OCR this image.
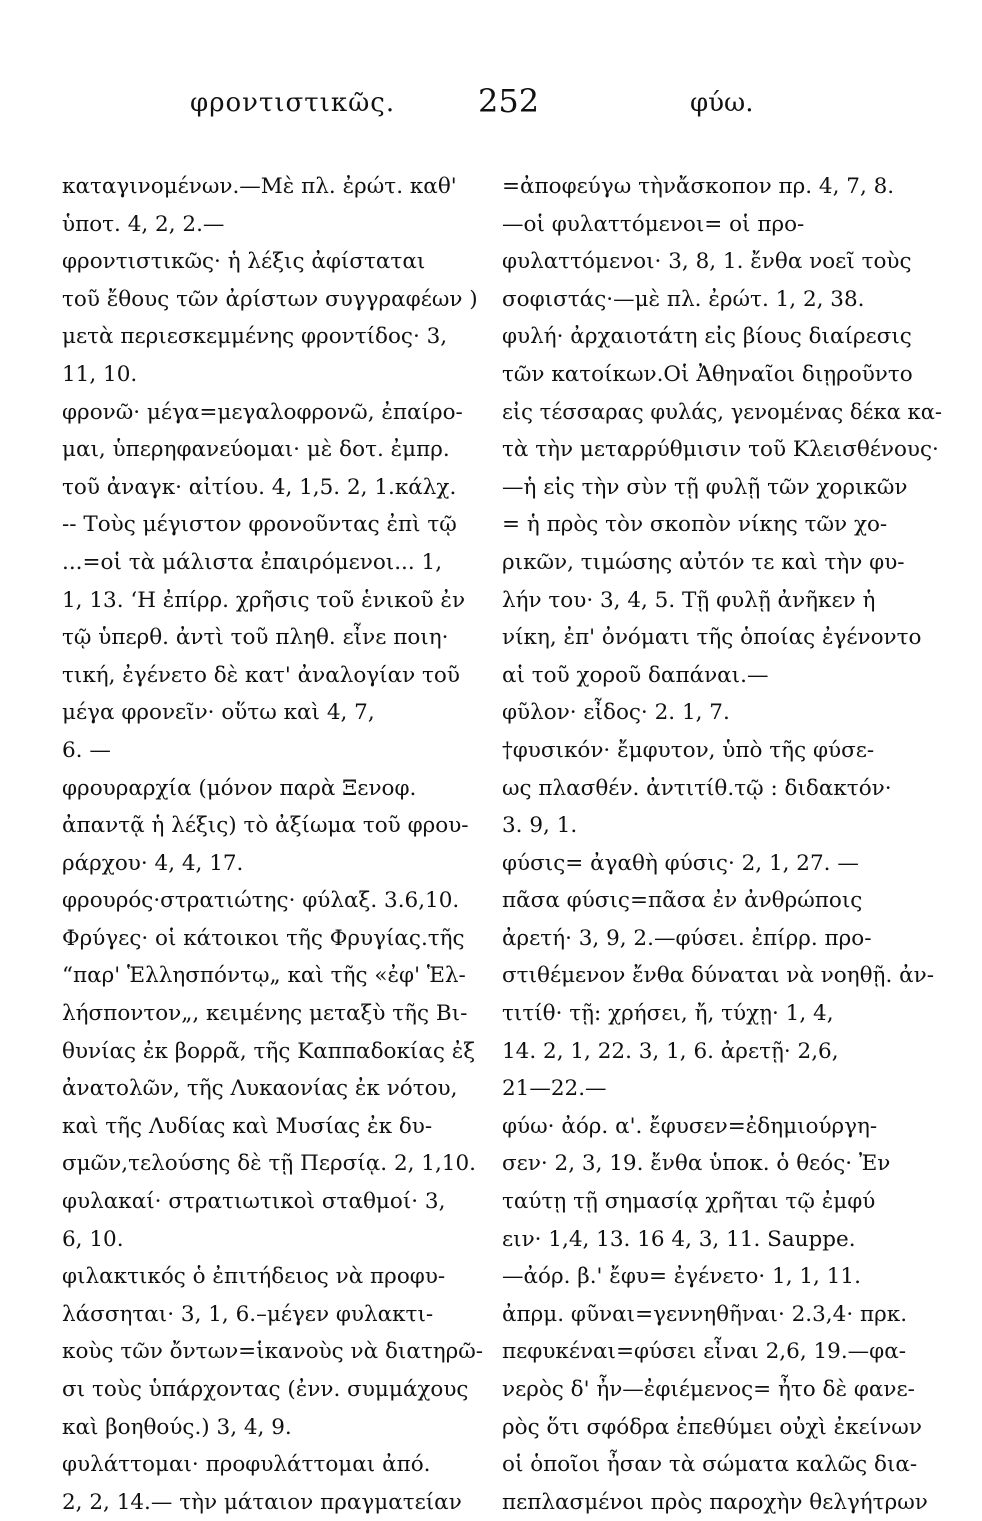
φροντιστικῶς.	252	φύω.
καταγινομένων.—Μὲ πλ. ἐρώτ. καθ'
ὑποτ. 4, 2, 2.—
φροντιστικῶς· ἡ λέξις ἀφίσταται
τοῦ ἔθους τῶν ἀρίστων συγγραφέων )
μετὰ περιεσκεμμένης φροντίδος· 3,
11, 10.
φρονῶ· μέγα=μεγαλοφρονῶ, ἐπαίρο-
μαι, ὑπερηφανεύομαι· μὲ δοτ. ἐμπρ.
τοῦ ἀναγκ· αἰτίου. 4, 1,5. 2, 1.κάλχ.
-- Τοὺς μέγιστον φρονοῦντας ἐπὶ τῷ
...=οἱ τὰ μάλιστα ἐπαιρόμενοι... 1,
1, 13. ʻΗ ἐπίρρ. χρῆσις τοῦ ἑνικοῦ ἐν
τῷ ὑπερθ. ἀντὶ τοῦ πληθ. εἶνε ποιη·
τική, ἐγένετο δὲ κατ' ἀναλογίαν τοῦ
μέγα φρονεῖν· οὕτω καὶ 4, 7,
6. —
φρουραρχία (μόνον παρὰ Ξενοφ.
ἀπαντᾷ ἡ λέξις) τὸ ἀξίωμα τοῦ φρου-
ράρχου· 4, 4, 17.
φρουρός·στρατιώτης· φύλαξ. 3.6,10.
Φρύγες· οἱ κάτοικοι τῆς Φρυγίας.τῆς
“παρ' Ἑλλησπόντῳ„ καὶ τῆς «ἐφ' Ἑλ-
λήσποντον„, κειμένης μεταξὺ τῆς Βι-
θυνίας ἐκ βορρᾶ, τῆς Καππαδοκίας ἐξ
ἀνατολῶν, τῆς Λυκαονίας ἐκ νότου,
καὶ τῆς Λυδίας καὶ Μυσίας ἐκ δυ-
σμῶν,τελούσης δὲ τῇ Περσίᾳ. 2, 1,10.
φυλακαί· στρατιωτικοὶ σταθμοί· 3,
6, 10.
φιλακτικός ὁ ἐπιτήδειος νὰ προφυ-
λάσσηται· 3, 1, 6.–μέγεν φυλακτι-
κοὺς τῶν ὄντων=ἱκανοὺς νὰ διατηρῶ-
σι τοὺς ὑπάρχοντας (ἐνν. συμμάχους
καὶ βοηθούς.) 3, 4, 9.
φυλάττομαι· προφυλάττομαι ἀπό.
2, 2, 14.— τὴν μάταιον πραγματείαν
=ἀποφεύγω τὴνἄσκοπον πρ. 4, 7, 8.
—οἱ φυλαττόμενοι= οἱ προ-
φυλαττόμενοι· 3, 8, 1. ἔνθα νοεῖ τοὺς
σοφιστάς·—μὲ πλ. ἐρώτ. 1, 2, 38.
φυλή· ἀρχαιοτάτη εἰς βίους διαίρεσις
τῶν κατοίκων.Οἱ Ἀθηναῖοι διῃροῦντο
εἰς τέσσαρας φυλάς, γενομένας δέκα κα-
τὰ τὴν μεταρρύθμισιν τοῦ Κλεισθένους·
—ἡ εἰς τὴν σὺν τῇ φυλῇ τῶν χορικῶν
= ἡ πρὸς τὸν σκοπὸν νίκης τῶν χο-
ρικῶν, τιμώσης αὐτόν τε καὶ τὴν φυ-
λήν του· 3, 4, 5. Τῇ φυλῇ ἀνῆκεν ἡ
νίκη, ἐπ' ὀνόματι τῆς ὁποίας ἐγένοντο
αἱ τοῦ χοροῦ δαπάναι.—
φῦλον· εἶδος· 2. 1, 7.
†φυσικόν· ἔμφυτον, ὑπὸ τῆς φύσε-
ως πλασθέν. ἀντιτίθ.τῷ : διδακτόν·
3. 9, 1.
φύσις= ἀγαθὴ φύσις· 2, 1, 27. —
πᾶσα φύσις=πᾶσα ἐν ἀνθρώποις
ἀρετή· 3, 9, 2.—φύσει. ἐπίρρ. προ-
στιθέμενον ἔνθα δύναται νὰ νοηθῇ. ἀν-
τιτίθ· τῇ: χρήσει, ἤ, τύχῃ· 1, 4,
14. 2, 1, 22. 3, 1, 6. ἀρετῇ· 2,6,
21—22.—
φύω· ἀόρ. α'. ἔφυσεν=ἐδημιούργη-
σεν· 2, 3, 19. ἔνθα ὑποκ. ὁ θεός· Ἐν
ταύτῃ τῇ σημασίᾳ χρῆται τῷ ἐμφύ
ειν· 1,4, 13. 16 4, 3, 11. Sauppe.
—ἀόρ. β.' ἔφυ= ἐγένετο· 1, 1, 11.
ἀπρμ. φῦναι=γεννηθῆναι· 2.3,4· πρκ.
πεφυκέναι=φύσει εἶναι 2,6, 19.—φα-
νερὸς δ' ἦν—ἐφιέμενος= ἦτο δὲ φανε-
ρὸς ὅτι σφόδρα ἐπεθύμει οὐχὶ ἐκείνων
οἱ ὁποῖοι ἦσαν τὰ σώματα καλῶς δια-
πεπλασμένοι πρὸς παροχὴν θελγήτρων
